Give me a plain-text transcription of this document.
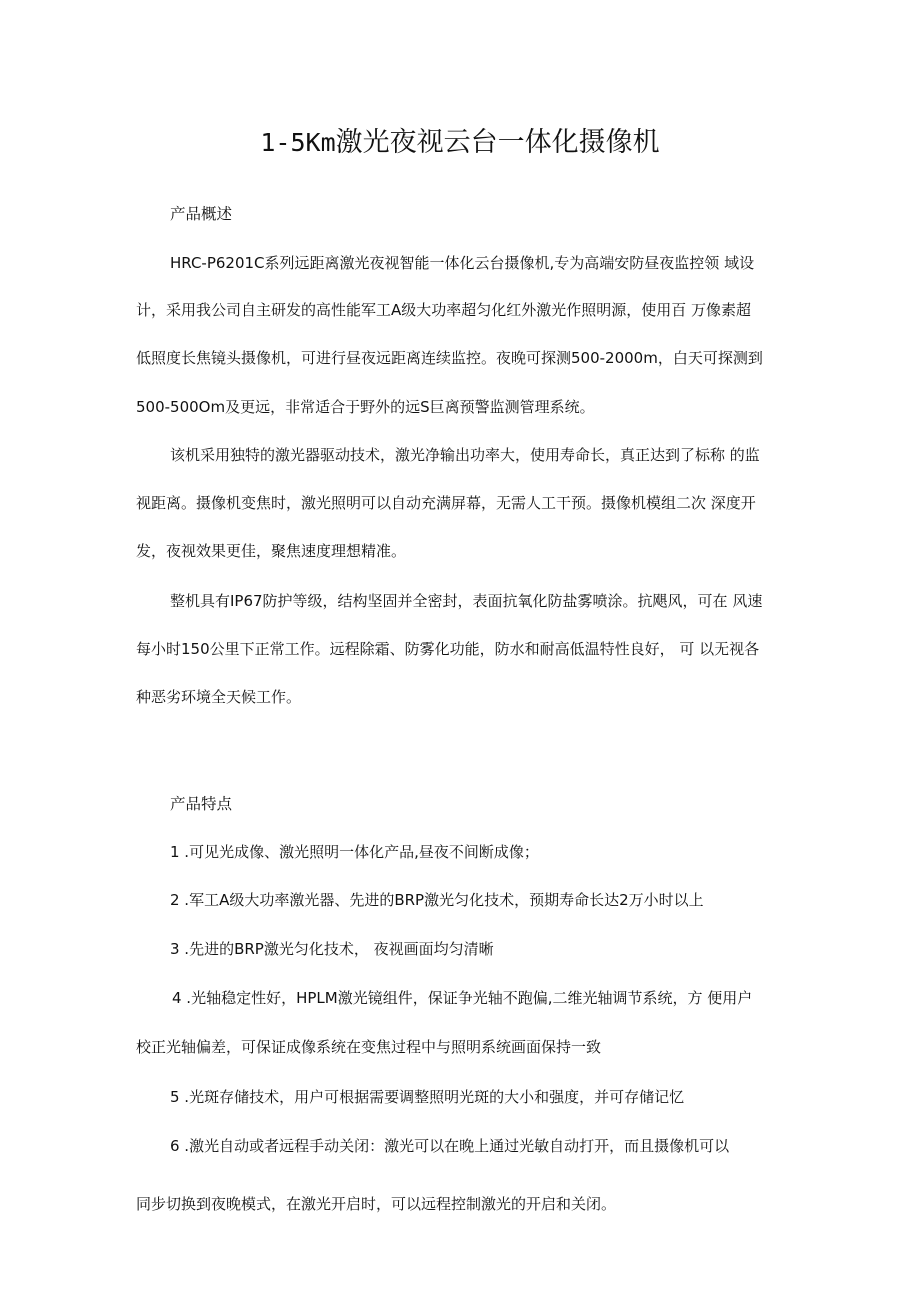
1-5Km激光夜视云台一体化摄像机
产品概述
HRC-P6201C系列远距离激光夜视智能一体化云台摄像机,专为高端安防昼夜监控领 域设
计，采用我公司自主研发的高性能军工A级大功率超匀化红外激光作照明源，使用百 万像素超
低照度长焦镜头摄像机，可进行昼夜远距离连续监控。夜晚可探测500-2000m，白天可探测到
500-500Om及更远，非常适合于野外的远S巨离预警监测管理系统。
该机采用独特的激光器驱动技术，激光净输出功率大，使用寿命长，真正达到了标称 的监
视距离。摄像机变焦时，激光照明可以自动充满屏幕，无需人工干预。摄像机模组二次 深度开
发，夜视效果更佳，聚焦速度理想精准。
整机具有IP67防护等级，结构坚固并全密封，表面抗氧化防盐雾喷涂。抗飓风，可在 风速
每小时150公里下正常工作。远程除霜、防雾化功能，防水和耐高低温特性良好， 可 以无视各
种恶劣环境全天候工作。
产品特点
1 .可见光成像、激光照明一体化产品,昼夜不间断成像；
2 .军工A级大功率激光器、先进的BRP激光匀化技术，预期寿命长达2万小时以上
3 .先进的BRP激光匀化技术， 夜视画面均匀清晰
4 .光轴稳定性好，HPLM激光镜组件，保证争光轴不跑偏,二维光轴调节系统，方 便用户
校正光轴偏差，可保证成像系统在变焦过程中与照明系统画面保持一致
5 .光斑存储技术，用户可根据需要调整照明光斑的大小和强度，并可存储记忆
6 .激光自动或者远程手动关闭：激光可以在晚上通过光敏自动打开，而且摄像机可以
同步切换到夜晚模式，在激光开启时，可以远程控制激光的开启和关闭。
